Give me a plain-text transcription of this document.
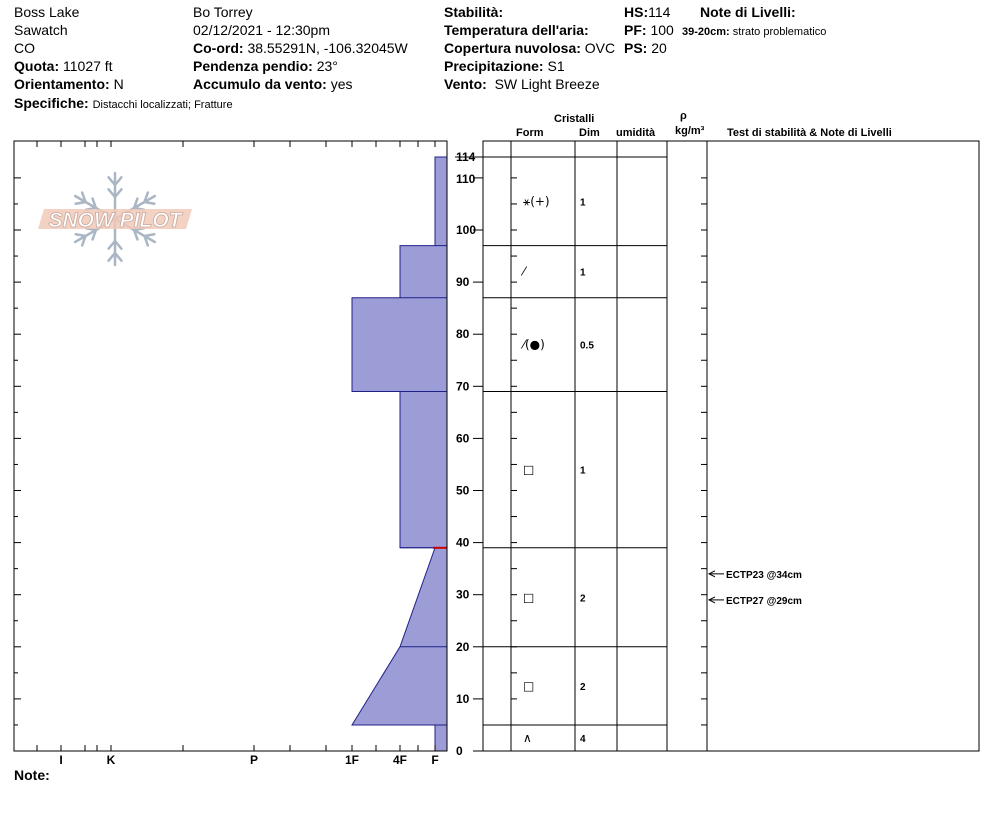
Boss Lake
Sawatch
CO
Quota: 11027 ft
Orientamento: N
Specifiche: Distacchi localizzati; Fratture
Bo Torrey
02/12/2021 - 12:30pm
Co-ord: 38.55291N, -106.32045W
Pendenza pendio: 23°
Accumulo da vento: yes
Stabilità:
Temperatura dell'aria:
Copertura nuvolosa: OVC
Precipitazione: S1
Vento: SW Light Breeze
HS:114
PF: 100
PS: 20
Note di Livelli:
39-20cm: strato problematico
Cristalli
Form	Dim umidità
ρ
kg/m³ Test di stabilità & Note di Livelli
Note:
SNOW PILOT
I	K	P	1F	4F F
0
10
20
30
40
50
60
70
80
90
100
110
114
⚹(+)	1
⁄	1
⁄(●)	0.5
□	1
□	2
□	2
∧	4
ECTP23 @34cm
ECTP27 @29cm
